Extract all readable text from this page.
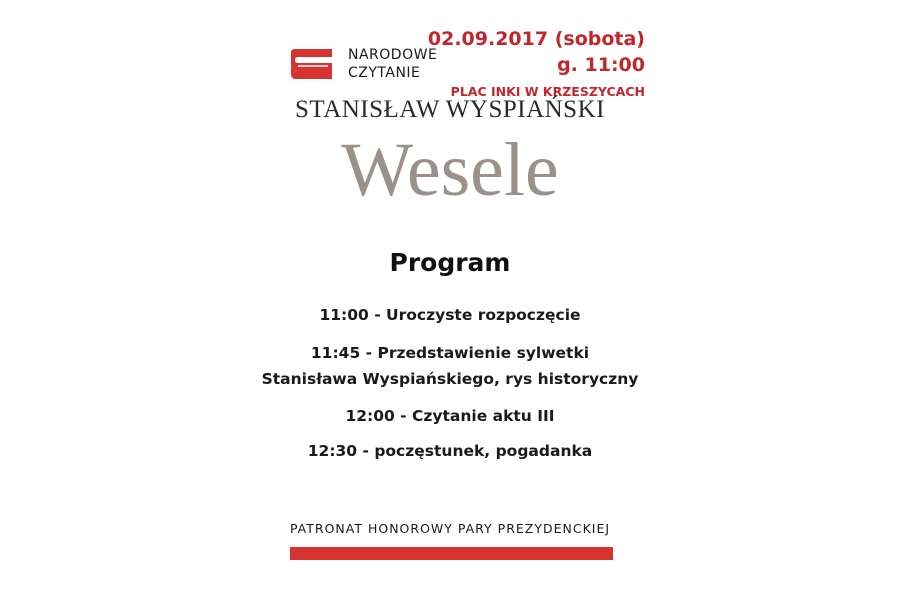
NARODOWE
CZYTANIE
02.09.2017 (sobota)
g. 11:00
PLAC INKI W KRZESZYCACH
STANISŁAW WYSPIAŃSKI
Wesele
Program
11:00 - Uroczyste rozpoczęcie
11:45 - Przedstawienie sylwetki
Stanisława Wyspiańskiego, rys historyczny
12:00 - Czytanie aktu III
12:30 - poczęstunek, pogadanka
PATRONAT HONOROWY PARY PREZYDENCKIEJ
